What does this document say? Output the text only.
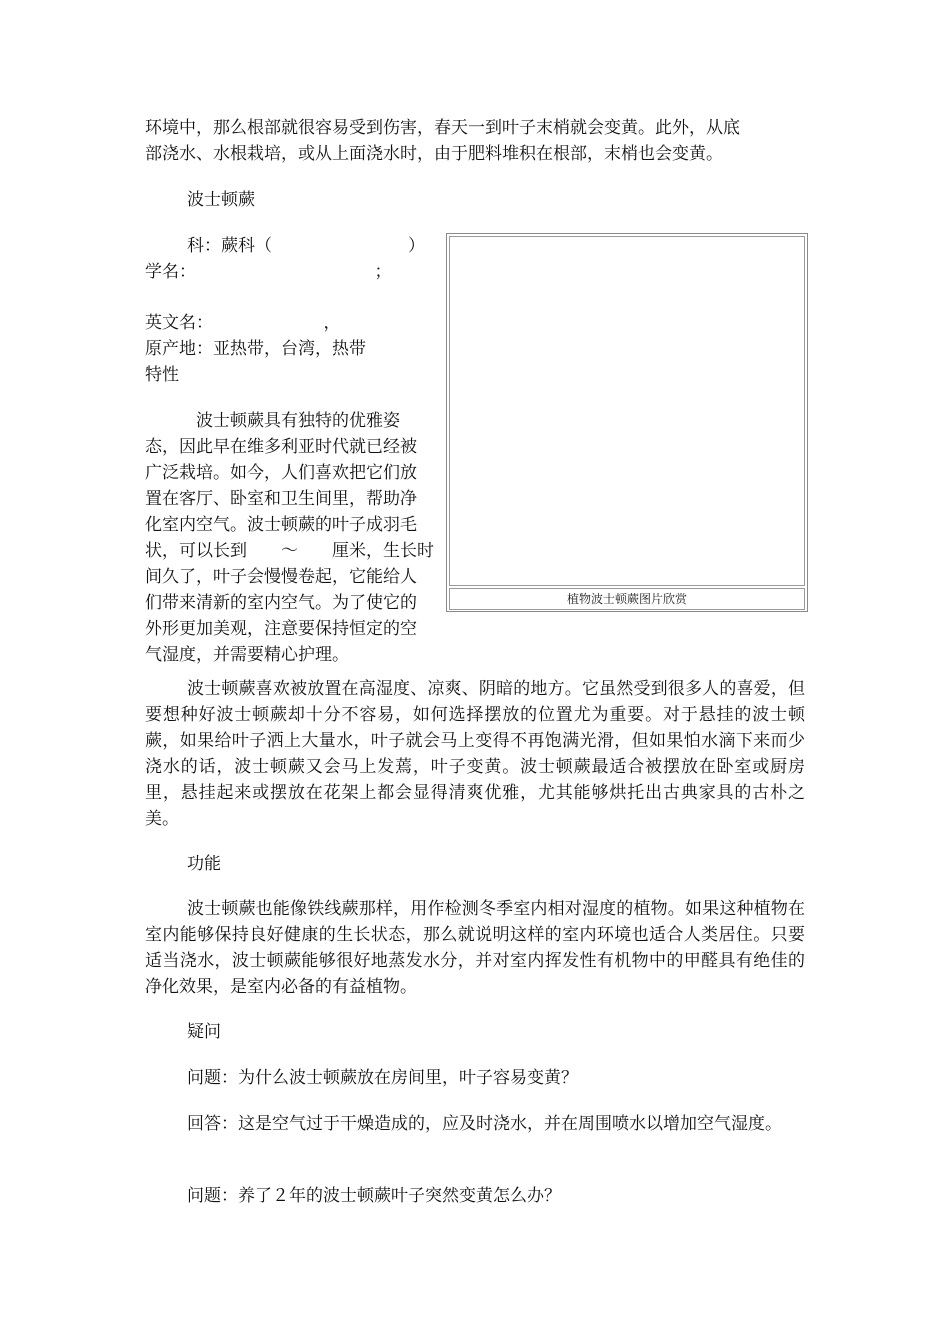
环境中，那么根部就很容易受到伤害，春天一到叶子末梢就会变黄。此外，从底
部浇水、水根栽培，或从上面浇水时，由于肥料堆积在根部，末梢也会变黄。
波士顿蕨
科：蕨科（　　　　　　　　）
学名：　　　　　　　　　　　；
英文名：　　　　　　　，
原产地：亚热带，台湾，热带
特性
　　　波士顿蕨具有独特的优雅姿
态，因此早在维多利亚时代就已经被
广泛栽培。如今，人们喜欢把它们放
置在客厅、卧室和卫生间里，帮助净
化室内空气。波士顿蕨的叶子成羽毛
状，可以长到　　～　　厘米，生长时
间久了，叶子会慢慢卷起，它能给人
们带来清新的室内空气。为了使它的
外形更加美观，注意要保持恒定的空
气湿度，并需要精心护理。
植物波士顿蕨图片欣赏
波士顿蕨喜欢被放置在高湿度、凉爽、阴暗的地方。它虽然受到很多人的喜爱，但要想种好波士顿蕨却十分不容易，如何选择摆放的位置尤为重要。对于悬挂的波士顿蕨，如果给叶子洒上大量水，叶子就会马上变得不再饱满光滑，但如果怕水滴下来而少浇水的话，波士顿蕨又会马上发蔫，叶子变黄。波士顿蕨最适合被摆放在卧室或厨房里，悬挂起来或摆放在花架上都会显得清爽优雅，尤其能够烘托出古典家具的古朴之美。
功能
波士顿蕨也能像铁线蕨那样，用作检测冬季室内相对湿度的植物。如果这种植物在室内能够保持良好健康的生长状态，那么就说明这样的室内环境也适合人类居住。只要适当浇水，波士顿蕨能够很好地蒸发水分，并对室内挥发性有机物中的甲醛具有绝佳的净化效果，是室内必备的有益植物。
疑问
问题：为什么波士顿蕨放在房间里，叶子容易变黄？
回答：这是空气过于干燥造成的，应及时浇水，并在周围喷水以增加空气湿度。
问题：养了２年的波士顿蕨叶子突然变黄怎么办？
